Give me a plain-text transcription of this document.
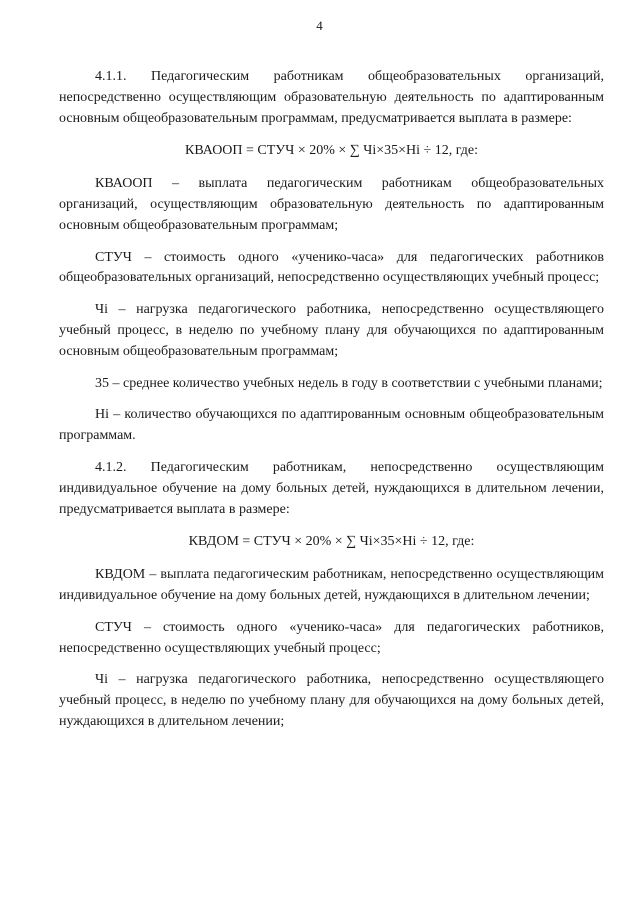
4

4.1.1. Педагогическим работникам общеобразовательных организаций, непосредственно осуществляющим образовательную деятельность по адаптированным основным общеобразовательным программам, предусматривается выплата в размере:

КВАООП = СТУЧ × 20% × ∑ Чi×35×Нi ÷ 12, где:

КВАООП – выплата педагогическим работникам общеобразовательных организаций, осуществляющим образовательную деятельность по адаптированным основным общеобразовательным программам;

СТУЧ – стоимость одного «ученико-часа» для педагогических работников общеобразовательных организаций, непосредственно осуществляющих учебный процесс;

Чi – нагрузка педагогического работника, непосредственно осуществляющего учебный процесс, в неделю по учебному плану для обучающихся по адаптированным основным общеобразовательным программам;

35 – среднее количество учебных недель в году в соответствии с учебными планами;

Нi – количество обучающихся по адаптированным основным общеобразовательным программам.

4.1.2. Педагогическим работникам, непосредственно осуществляющим индивидуальное обучение на дому больных детей, нуждающихся в длительном лечении, предусматривается выплата в размере:

КВДОМ = СТУЧ × 20% × ∑ Чi×35×Нi ÷ 12, где:

КВДОМ – выплата педагогическим работникам, непосредственно осуществляющим индивидуальное обучение на дому больных детей, нуждающихся в длительном лечении;

СТУЧ – стоимость одного «ученико-часа» для педагогических работников, непосредственно осуществляющих учебный процесс;

Чi – нагрузка педагогического работника, непосредственно осуществляющего учебный процесс, в неделю по учебному плану для обучающихся на дому больных детей, нуждающихся в длительном лечении;
